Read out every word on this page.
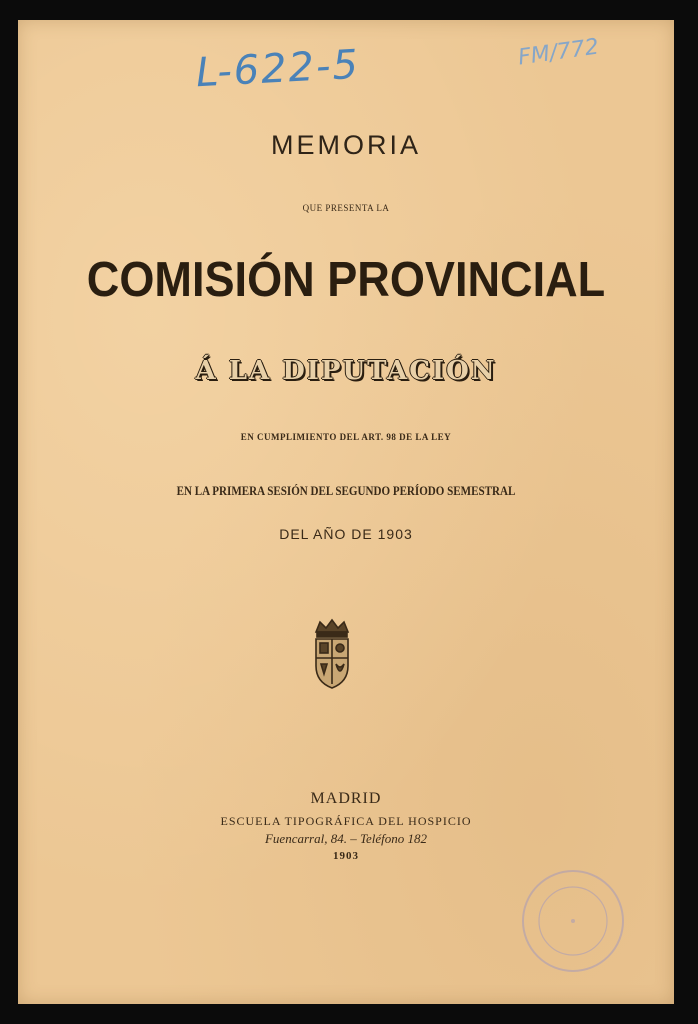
L-622-5	FM/772
MEMORIA
QUE PRESENTA LA
COMISIÓN PROVINCIAL
Á LA DIPUTACIÓN
EN CUMPLIMIENTO DEL ART. 98 DE LA LEY
EN LA PRIMERA SESIÓN DEL SEGUNDO PERÍODO SEMESTRAL
DEL AÑO DE 1903
MADRID
ESCUELA TIPOGRÁFICA DEL HOSPICIO
Fuencarral, 84. – Teléfono 182
1903
